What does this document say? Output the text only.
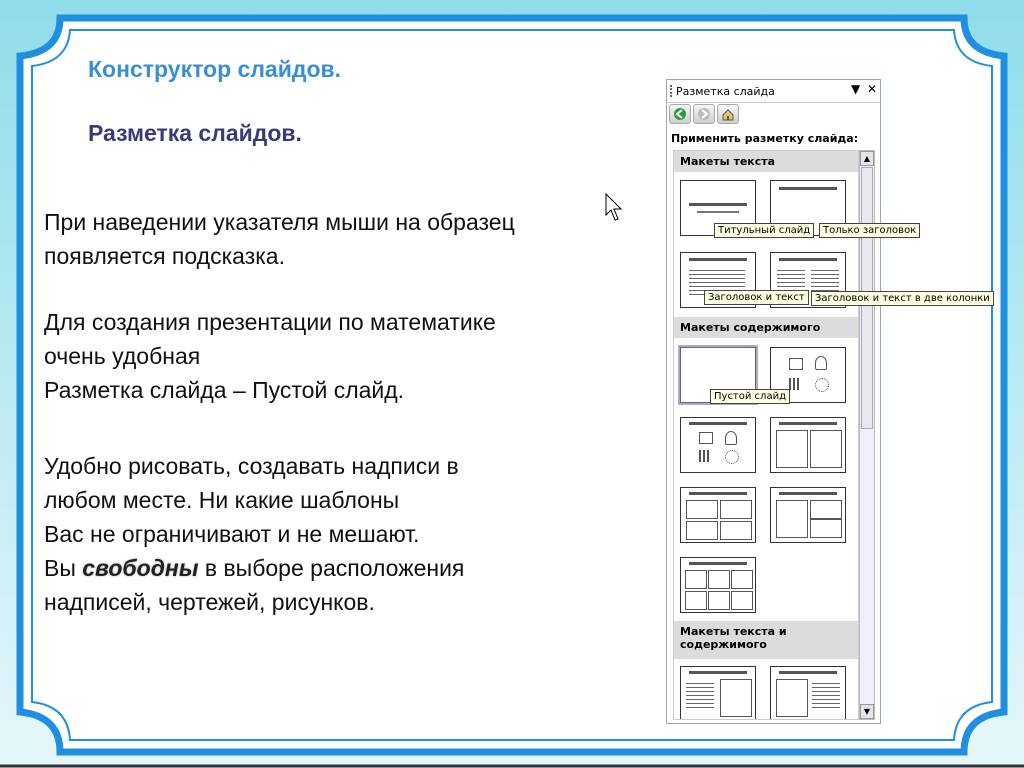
Конструктор слайдов.
Разметка слайдов.
При наведении указателя мыши на образец
появляется подсказка.
Для создания презентации по математике
очень удобная
Разметка слайда – Пустой слайд.
Удобно рисовать, создавать надписи в
любом месте. Ни какие шаблоны
Вас не ограничивают и не мешают.
Вы свободны в выборе расположения
надписей, чертежей, рисунков.
Разметка слайда	▼ ✕
Применить разметку слайда:
Макеты текста
Макеты содержимого
Макеты текста и содержимого
▲
▼
Титульный слайд	Только заголовок
Заголовок и текст	Заголовок и текст в две колонки
Пустой слайд
